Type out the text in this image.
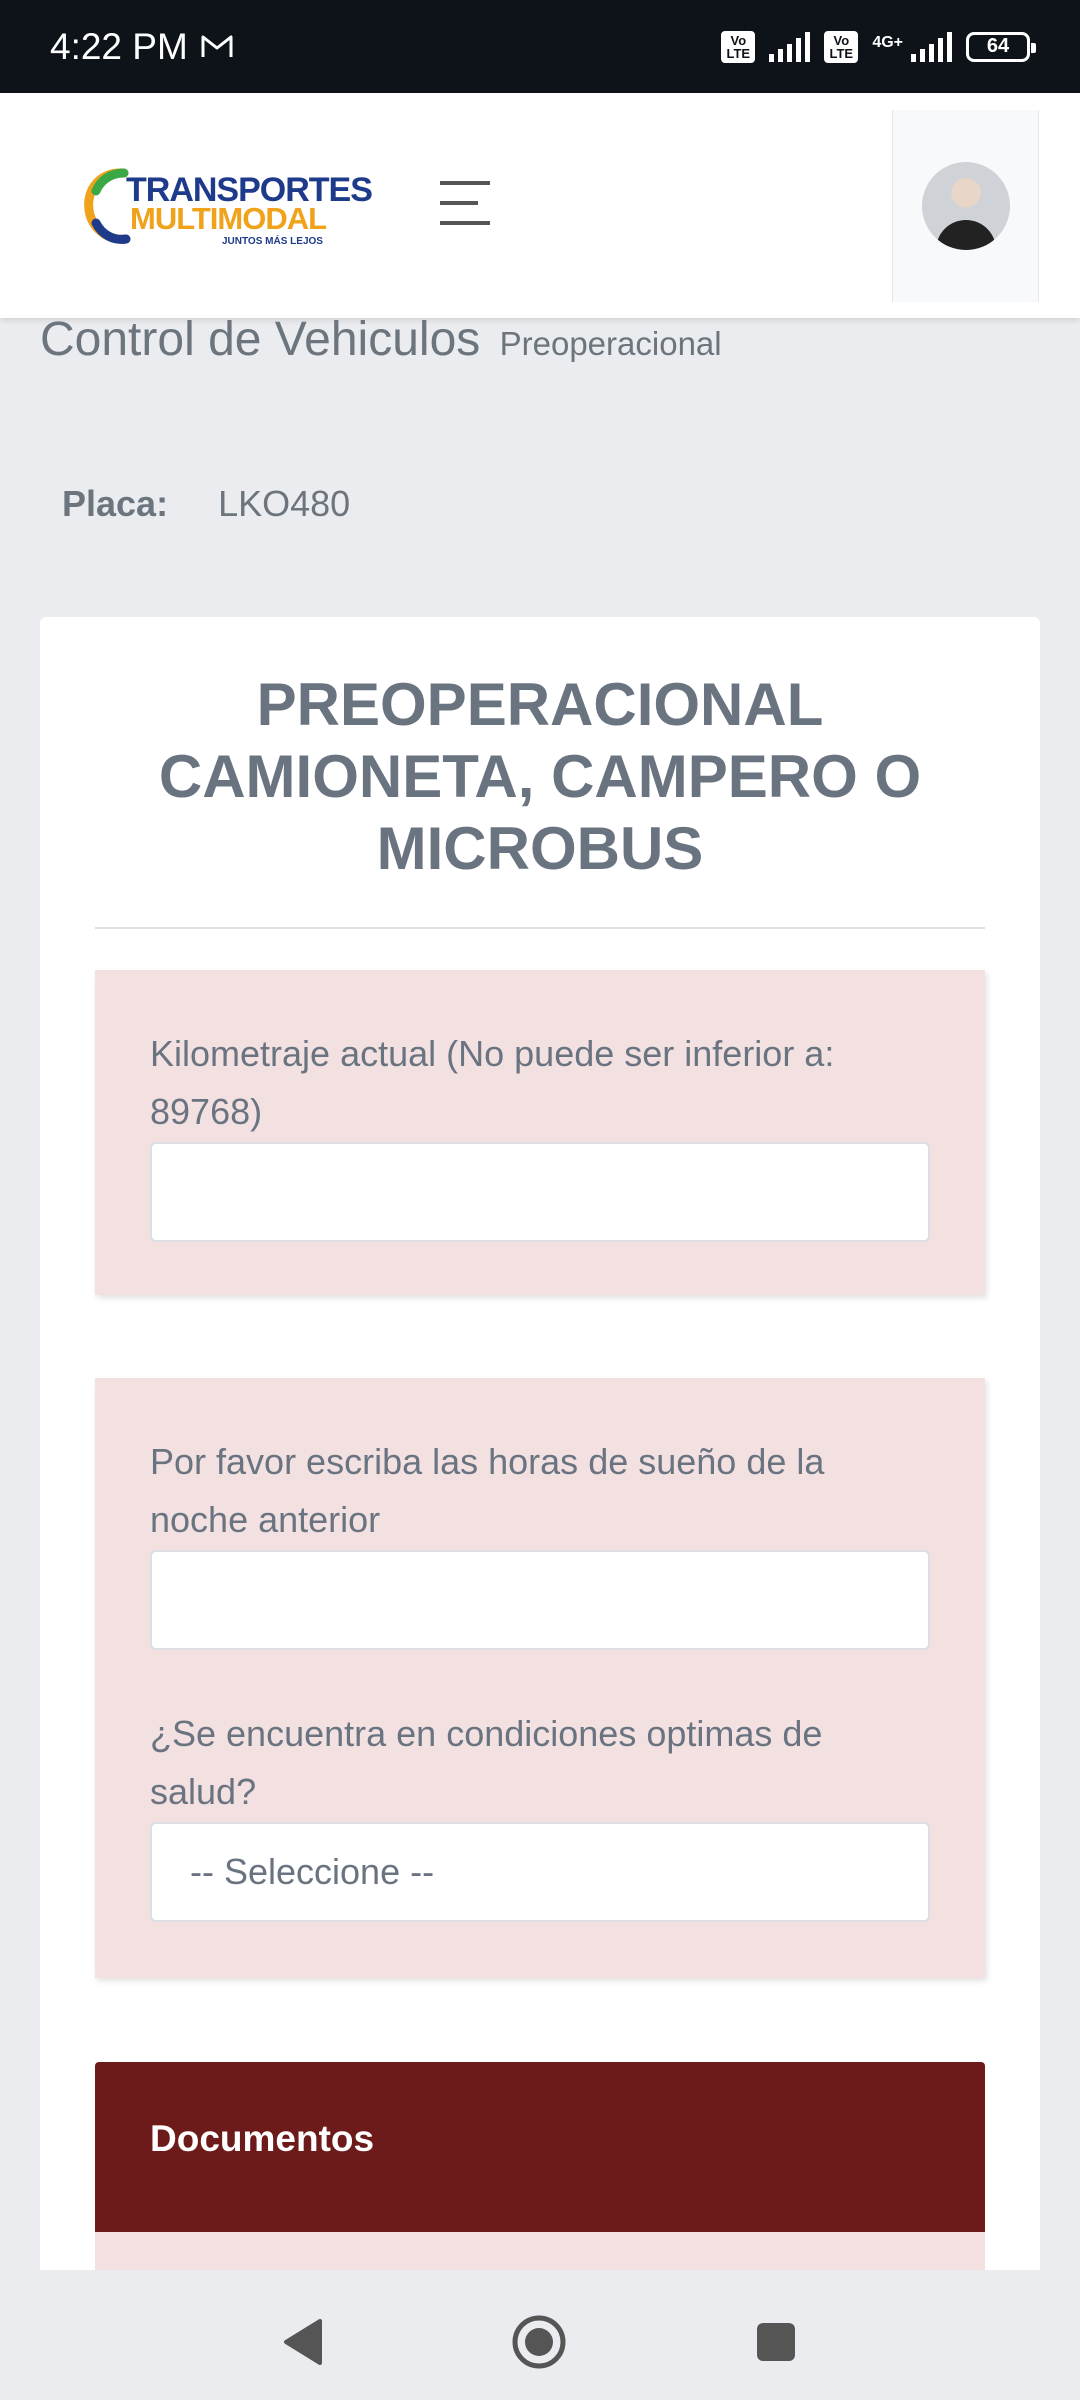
4:22 PM	Vo LTE
Vo LTE
4G+	64
TRANSPORTES
MULTIMODAL
JUNTOS MÁS LEJOS
Control de Vehiculos Preoperacional
Placa: LKO480
PREOPERACIONAL
CAMIONETA, CAMPERO O
MICROBUS
Kilometraje actual (No puede ser inferior a: 89768)
Por favor escriba las horas de sueño de la noche anterior
¿Se encuentra en condiciones optimas de salud?
-- Seleccione --
Documentos
